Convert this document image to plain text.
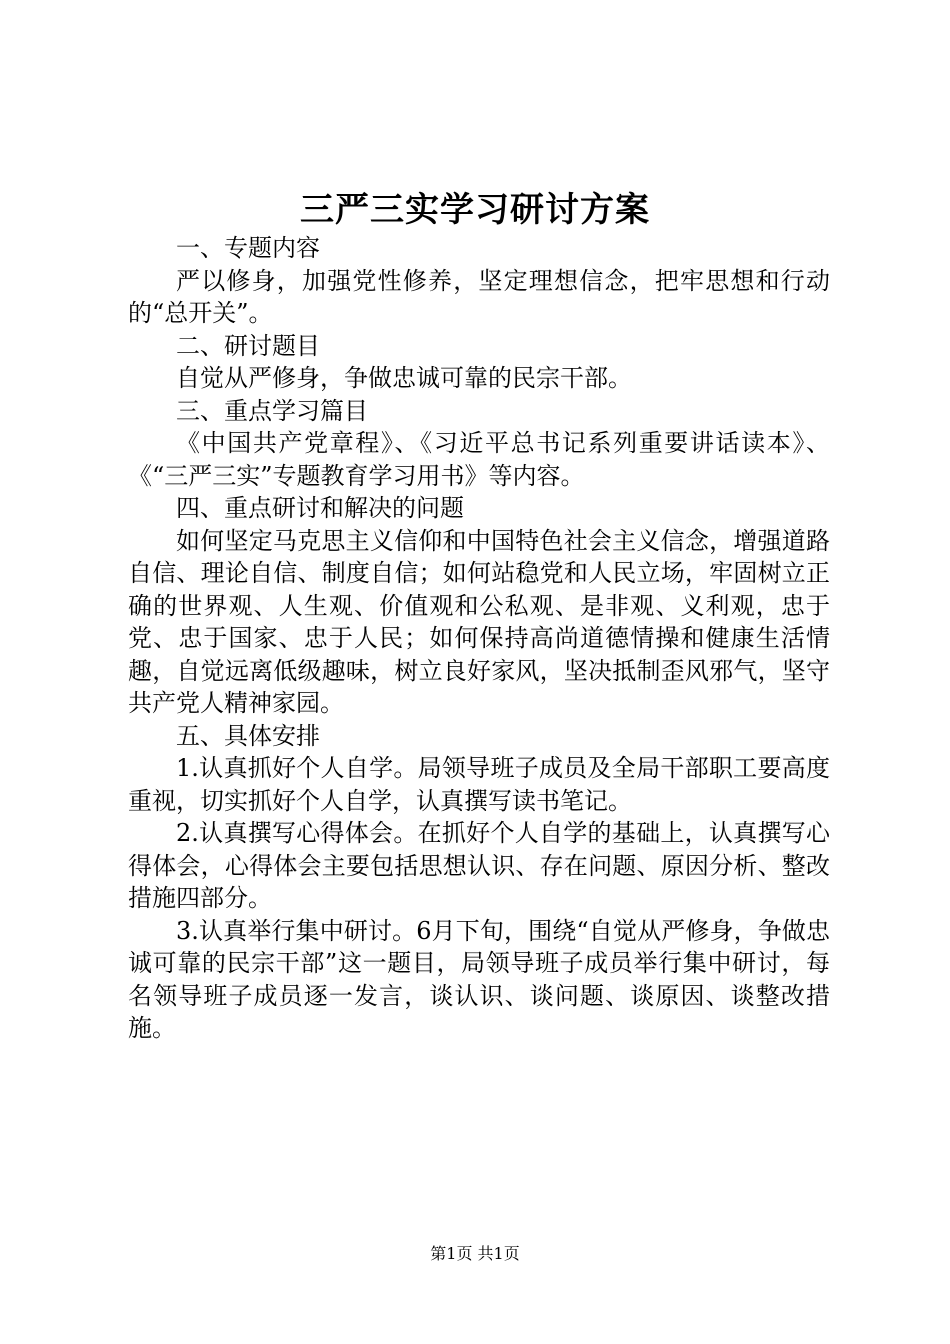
三严三实学习研讨方案

一、专题内容

严以修身，加强党性修养，坚定理想信念，把牢思想和行动的“总开关”。

二、研讨题目

自觉从严修身，争做忠诚可靠的民宗干部。

三、重点学习篇目

《中国共产党章程》、《习近平总书记系列重要讲话读本》、《“三严三实”专题教育学习用书》等内容。

四、重点研讨和解决的问题

如何坚定马克思主义信仰和中国特色社会主义信念，增强道路自信、理论自信、制度自信；如何站稳党和人民立场，牢固树立正确的世界观、人生观、价值观和公私观、是非观、义利观，忠于党、忠于国家、忠于人民；如何保持高尚道德情操和健康生活情趣，自觉远离低级趣味，树立良好家风，坚决抵制歪风邪气，坚守共产党人精神家园。

五、具体安排

1.认真抓好个人自学。局领导班子成员及全局干部职工要高度重视，切实抓好个人自学，认真撰写读书笔记。

2.认真撰写心得体会。在抓好个人自学的基础上，认真撰写心得体会，心得体会主要包括思想认识、存在问题、原因分析、整改措施四部分。

3.认真举行集中研讨。6月下旬，围绕“自觉从严修身，争做忠诚可靠的民宗干部”这一题目，局领导班子成员举行集中研讨，每名领导班子成员逐一发言，谈认识、谈问题、谈原因、谈整改措施。

第1页 共1页
